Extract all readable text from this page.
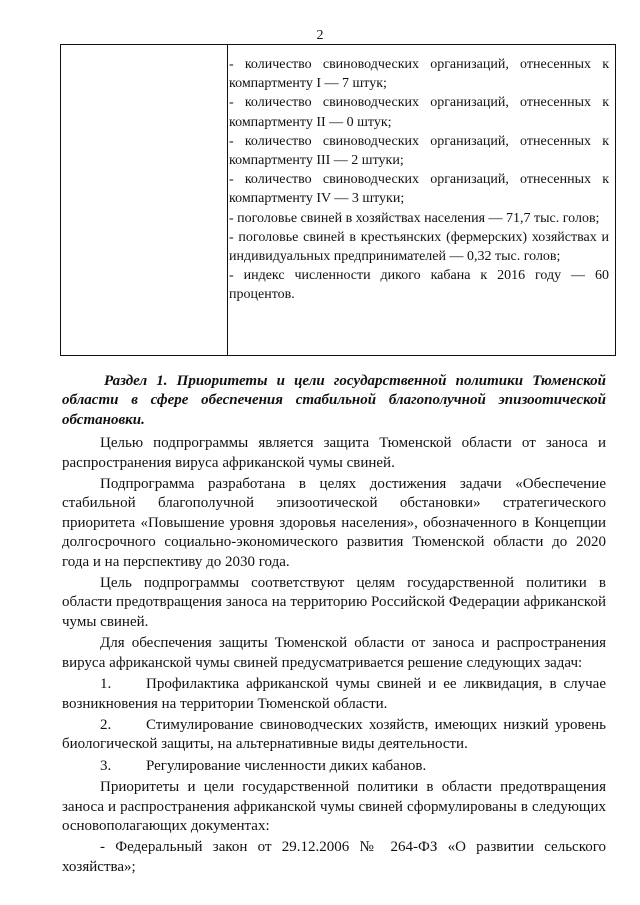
2

- количество свиноводческих организаций, отнесенных к компартменту I — 7 штук;

- количество свиноводческих организаций, отнесенных к компартменту II — 0 штук;

- количество свиноводческих организаций, отнесенных к компартменту III — 2 штуки;

- количество свиноводческих организаций, отнесенных к компартменту IV — 3 штуки;

- поголовье свиней в хозяйствах населения — 71,7 тыс. голов;

- поголовье свиней в крестьянских (фермерских) хозяйствах и индивидуальных предпринимателей — 0,32 тыс. голов;

- индекс численности дикого кабана к 2016 году — 60 процентов.

Раздел 1. Приоритеты и цели государственной политики Тюменской области в сфере обеспечения стабильной благополучной эпизоотической обстановки.

Целью подпрограммы является защита Тюменской области от заноса и распространения вируса африканской чумы свиней.

Подпрограмма разработана в целях достижения задачи «Обеспечение стабильной благополучной эпизоотической обстановки» стратегического приоритета «Повышение уровня здоровья населения», обозначенного в Концепции долгосрочного социально-экономического развития Тюменской области до 2020 года и на перспективу до 2030 года.

Цель подпрограммы соответствуют целям государственной политики в области предотвращения заноса на территорию Российской Федерации африканской чумы свиней.

Для обеспечения защиты Тюменской области от заноса и распространения вируса африканской чумы свиней предусматривается решение следующих задач:

1. Профилактика африканской чумы свиней и ее ликвидация, в случае возникновения на территории Тюменской области.

2. Стимулирование свиноводческих хозяйств, имеющих низкий уровень биологической защиты, на альтернативные виды деятельности.

3. Регулирование численности диких кабанов.

Приоритеты и цели государственной политики в области предотвращения заноса и распространения африканской чумы свиней сформулированы в следующих основополагающих документах:

- Федеральный закон от 29.12.2006 № 264-ФЗ «О развитии сельского хозяйства»;
